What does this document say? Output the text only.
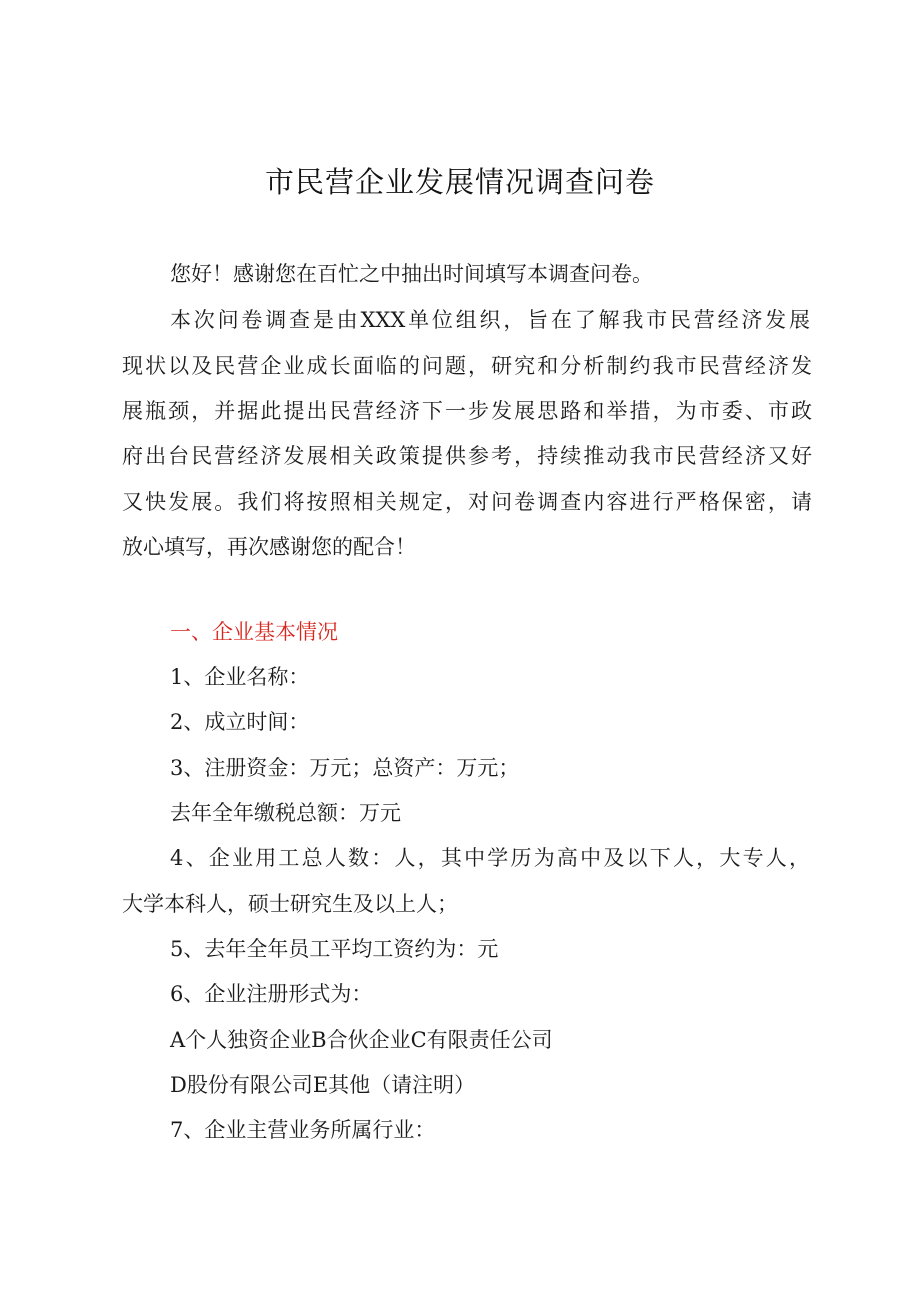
市民营企业发展情况调查问卷
您好！感谢您在百忙之中抽出时间填写本调查问卷。
本次问卷调查是由XXX单位组织，旨在了解我市民营经济发展
现状以及民营企业成长面临的问题，研究和分析制约我市民营经济发
展瓶颈，并据此提出民营经济下一步发展思路和举措，为市委、市政
府出台民营经济发展相关政策提供参考，持续推动我市民营经济又好
又快发展。我们将按照相关规定，对问卷调查内容进行严格保密，请
放心填写，再次感谢您的配合！
一、企业基本情况
1、企业名称：
2、成立时间：
3、注册资金：万元；总资产：万元；
去年全年缴税总额：万元
4、企业用工总人数：人，其中学历为高中及以下人，大专人，
大学本科人，硕士研究生及以上人；
5、去年全年员工平均工资约为：元
6、企业注册形式为：
A个人独资企业B合伙企业C有限责任公司
D股份有限公司E其他（请注明）
7、企业主营业务所属行业：
